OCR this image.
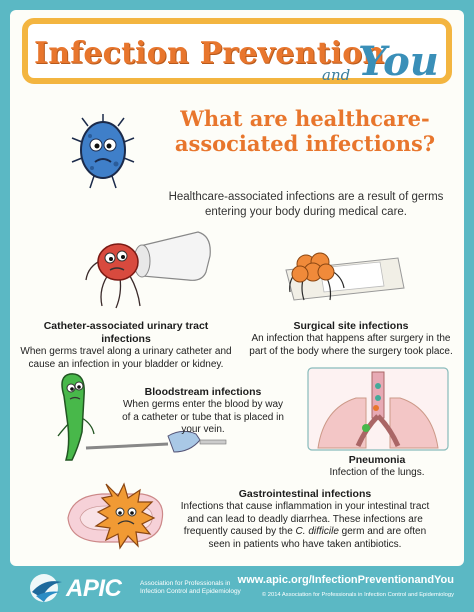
Infection Prevention
and You
What are healthcare-associated infections?
Healthcare-associated infections are a result of germs entering your body during medical care.
Catheter-associated urinary tract infections
When germs travel along a urinary catheter and cause an infection in your bladder or kidney.
Surgical site infections
An infection that happens after surgery in the part of the body where the surgery took place.
Bloodstream infections
When germs enter the blood by way of a catheter or tube that is placed in your vein.
Pneumonia
Infection of the lungs.
Gastrointestinal infections
Infections that cause inflammation in your intestinal tract and can lead to deadly diarrhea. These infections are frequently caused by the C. difficile germ and are often seen in patients who have taken antibiotics.
APIC	Association for Professionals in
Infection Control and Epidemiology
www.apic.org/InfectionPreventionandYou
© 2014 Association for Professionals in Infection Control and Epidemiology
